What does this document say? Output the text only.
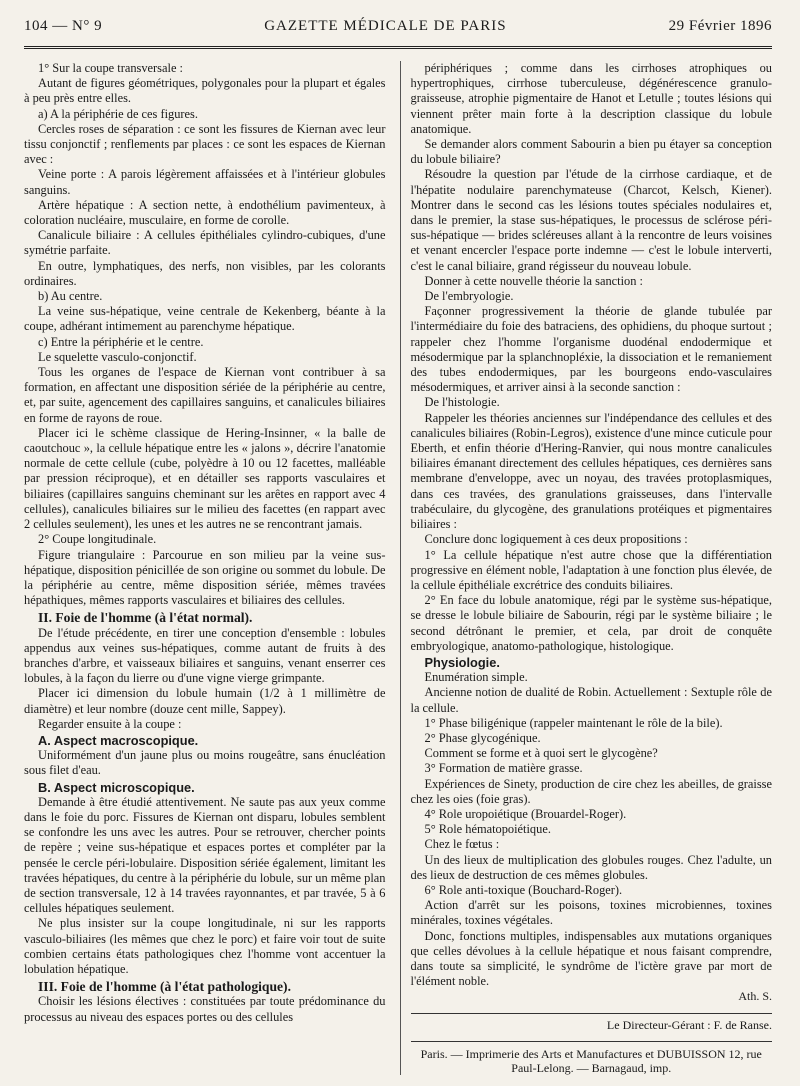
104 — N° 9	GAZETTE MÉDICALE DE PARIS	29 Février 1896
1° Sur la coupe transversale :
Autant de figures géométriques, polygonales pour la plupart et égales à peu près entre elles.
a) A la périphérie de ces figures.
Cercles roses de séparation : ce sont les fissures de Kiernan avec leur tissu conjonctif ; renflements par places : ce sont les espaces de Kiernan avec :
Veine porte : A parois légèrement affaissées et à l'intérieur globules sanguins.
Artère hépatique : A section nette, à endothélium pavimenteux, à coloration nucléaire, musculaire, en forme de corolle.
Canalicule biliaire : A cellules épithéliales cylindro-cubiques, d'une symétrie parfaite.
En outre, lymphatiques, des nerfs, non visibles, par les colorants ordinaires.
b) Au centre.
La veine sus-hépatique, veine centrale de Kekenberg, béante à la coupe, adhérant intimement au parenchyme hépatique.
c) Entre la périphérie et le centre.
Le squelette vasculo-conjonctif.
Tous les organes de l'espace de Kiernan vont contribuer à sa formation, en affectant une disposition sériée de la périphérie au centre, et, par suite, agencement des capillaires sanguins, et canalicules biliaires en forme de rayons de roue.
Placer ici le schème classique de Hering-Insinner, « la balle de caoutchouc », la cellule hépatique entre les « jalons », décrire l'anatomie normale de cette cellule (cube, polyèdre à 10 ou 12 facettes, malléable par pression réciproque), et en détailler ses rapports vasculaires et biliaires (capillaires sanguins cheminant sur les arêtes en rapport avec 4 cellules), canalicules biliaires sur le milieu des facettes (en rappart avec 2 cellules seulement), les unes et les autres ne se rencontrant jamais.
2° Coupe longitudinale.
Figure triangulaire : Parcourue en son milieu par la veine sus-hépatique, disposition pénicillée de son origine ou sommet du lobule. De la périphérie au centre, même disposition sériée, mêmes travées hépathiques, mêmes rapports vasculaires et biliaires des cellules.
II. Foie de l'homme (à l'état normal).
De l'étude précédente, en tirer une conception d'ensemble : lobules appendus aux veines sus-hépatiques, comme autant de fruits à des branches d'arbre, et vaisseaux biliaires et sanguins, venant enserrer ces lobules, à la façon du lierre ou d'une vigne vierge grimpante.
Placer ici dimension du lobule humain (1/2 à 1 millimètre de diamètre) et leur nombre (douze cent mille, Sappey).
Regarder ensuite à la coupe :
A. Aspect macroscopique.
Uniformément d'un jaune plus ou moins rougeâtre, sans énucléation sous filet d'eau.
B. Aspect microscopique.
Demande à être étudié attentivement. Ne saute pas aux yeux comme dans le foie du porc. Fissures de Kiernan ont disparu, lobules semblent se confondre les uns avec les autres. Pour se retrouver, chercher points de repère ; veine sus-hépatique et espaces portes et compléter par la pensée le cercle péri-lobulaire. Disposition sériée également, limitant les travées hépatiques, du centre à la périphérie du lobule, sur un même plan de section transversale, 12 à 14 travées rayonnantes, et par travée, 5 à 6 cellules hépatiques seulement.
Ne plus insister sur la coupe longitudinale, ni sur les rapports vasculo-biliaires (les mêmes que chez le porc) et faire voir tout de suite combien certains états pathologiques chez l'homme vont accentuer la lobulation hépatique.
III. Foie de l'homme (à l'état pathologique).
Choisir les lésions électives : constituées par toute prédominance du processus au niveau des espaces portes ou des cellules
périphériques ; comme dans les cirrhoses atrophiques ou hypertrophiques, cirrhose tuberculeuse, dégénérescence granulo-graisseuse, atrophie pigmentaire de Hanot et Letulle ; toutes lésions qui viennent prêter main forte à la description classique du lobule anatomique.
Se demander alors comment Sabourin a bien pu étayer sa conception du lobule biliaire?
Résoudre la question par l'étude de la cirrhose cardiaque, et de l'hépatite nodulaire parenchymateuse (Charcot, Kelsch, Kiener). Montrer dans le second cas les lésions toutes spéciales nodulaires et, dans le premier, la stase sus-hépatiques, le processus de sclérose péri-sus-hépatique — brides scléreuses allant à la rencontre de leurs voisines et venant encercler l'espace porte indemne — c'est le lobule interverti, c'est le canal biliaire, grand régisseur du nouveau lobule.
Donner à cette nouvelle théorie la sanction :
De l'embryologie.
Façonner progressivement la théorie de glande tubulée par l'intermédiaire du foie des batraciens, des ophidiens, du phoque surtout ; rappeler chez l'homme l'organisme duodénal endodermique et mésodermique par la splanchnopléxie, la dissociation et le remaniement des tubes endodermiques, par les bourgeons endo-vasculaires mésodermiques, et arriver ainsi à la seconde sanction :
De l'histologie.
Rappeler les théories anciennes sur l'indépendance des cellules et des canalicules biliaires (Robin-Legros), existence d'une mince cuticule pour Eberth, et enfin théorie d'Hering-Ranvier, qui nous montre canalicules biliaires émanant directement des cellules hépatiques, ces dernières sans membrane d'enveloppe, avec un noyau, des travées protoplasmiques, dans ces travées, des granulations graisseuses, dans l'intervalle trabéculaire, du glycogène, des granulations protéiques et pigmentaires biliaires :
Conclure donc logiquement à ces deux propositions :
1° La cellule hépatique n'est autre chose que la différentiation progressive en élément noble, l'adaptation à une fonction plus élevée, de la cellule épithéliale excrétrice des conduits biliaires.
2° En face du lobule anatomique, régi par le système sus-hépatique, se dresse le lobule biliaire de Sabourin, régi par le système biliaire ; le second détrônant le premier, et cela, par droit de conquête embryologique, anatomo-pathologique, histologique.
Physiologie.
Enumération simple.
Ancienne notion de dualité de Robin. Actuellement : Sextuple rôle de la cellule.
1° Phase biligénique (rappeler maintenant le rôle de la bile).
2° Phase glycogénique.
Comment se forme et à quoi sert le glycogène?
3° Formation de matière grasse.
Expériences de Sinety, production de cire chez les abeilles, de graisse chez les oies (foie gras).
4° Role uropoiétique (Brouardel-Roger).
5° Role hématopoiétique.
Chez le fœtus :
Un des lieux de multiplication des globules rouges. Chez l'adulte, un des lieux de destruction de ces mêmes globules.
6° Role anti-toxique (Bouchard-Roger).
Action d'arrêt sur les poisons, toxines microbiennes, toxines minérales, toxines végétales.
Donc, fonctions multiples, indispensables aux mutations organiques que celles dévolues à la cellule hépatique et nous faisant comprendre, dans toute sa simplicité, le syndrôme de l'ictère grave par mort de l'élément noble.
Ath. S.
Le Directeur-Gérant : F. de Ranse.
Paris. — Imprimerie des Arts et Manufactures et DUBUISSON 12, rue Paul-Lelong. — Barnagaud, imp.
